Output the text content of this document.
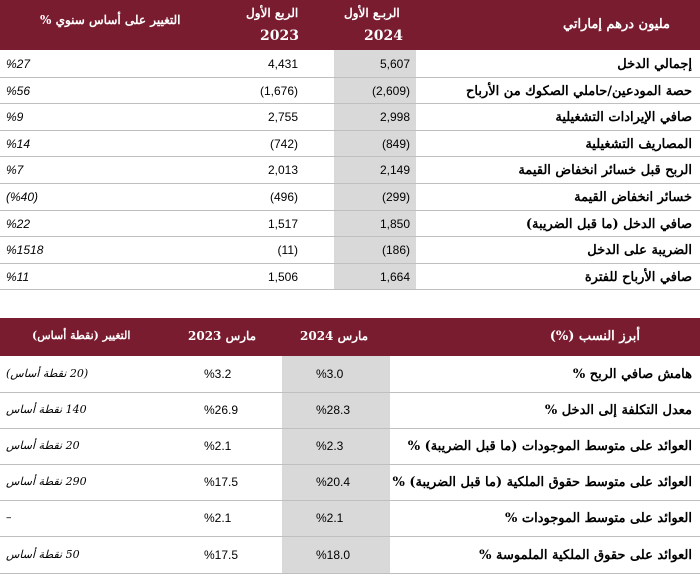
مليون درهم إماراتي
الربـع الأول
2024
الربع الأول
2023
التغيير على أساس سنوي %
إجمالي الدخل
5,607
4,431
%27
حصة المودعين/حاملي الصكوك من الأرباح
(2,609)
(1,676)
%56
صافي الإيرادات التشغيلية
2,998
2,755
%9
المصاريف التشغيلية
(849)
(742)
%14
الربح قبل خسائر انخفاض القيمة
2,149
2,013
%7
خسائر انخفاض القيمة
(299)
(496)
(%40)
صافي الدخل (ما قبل الضريبة)
1,850
1,517
%22
الضريبة على الدخل
(186)
(11)
%1518
صافي الأرباح للفترة
1,664
1,506
%11
أبرز النسب (%)
مارس 2024
مارس 2023
التغيير (نقطة أساس)
هامش صافي الربح %
%3.0
%3.2
(20 نقطة أساس)
معدل التكلفة إلى الدخل %
%28.3
%26.9
140 نقطة أساس
العوائد على متوسط الموجودات (ما قبل الضريبة) %
%2.3
%2.1
20 نقطة أساس
العوائد على متوسط حقوق الملكية (ما قبل الضريبة) %
%20.4
%17.5
290 نقطة أساس
العوائد على متوسط الموجودات %
%2.1
%2.1
–
العوائد على حقوق الملكية الملموسة %
%18.0
%17.5
50 نقطة أساس
